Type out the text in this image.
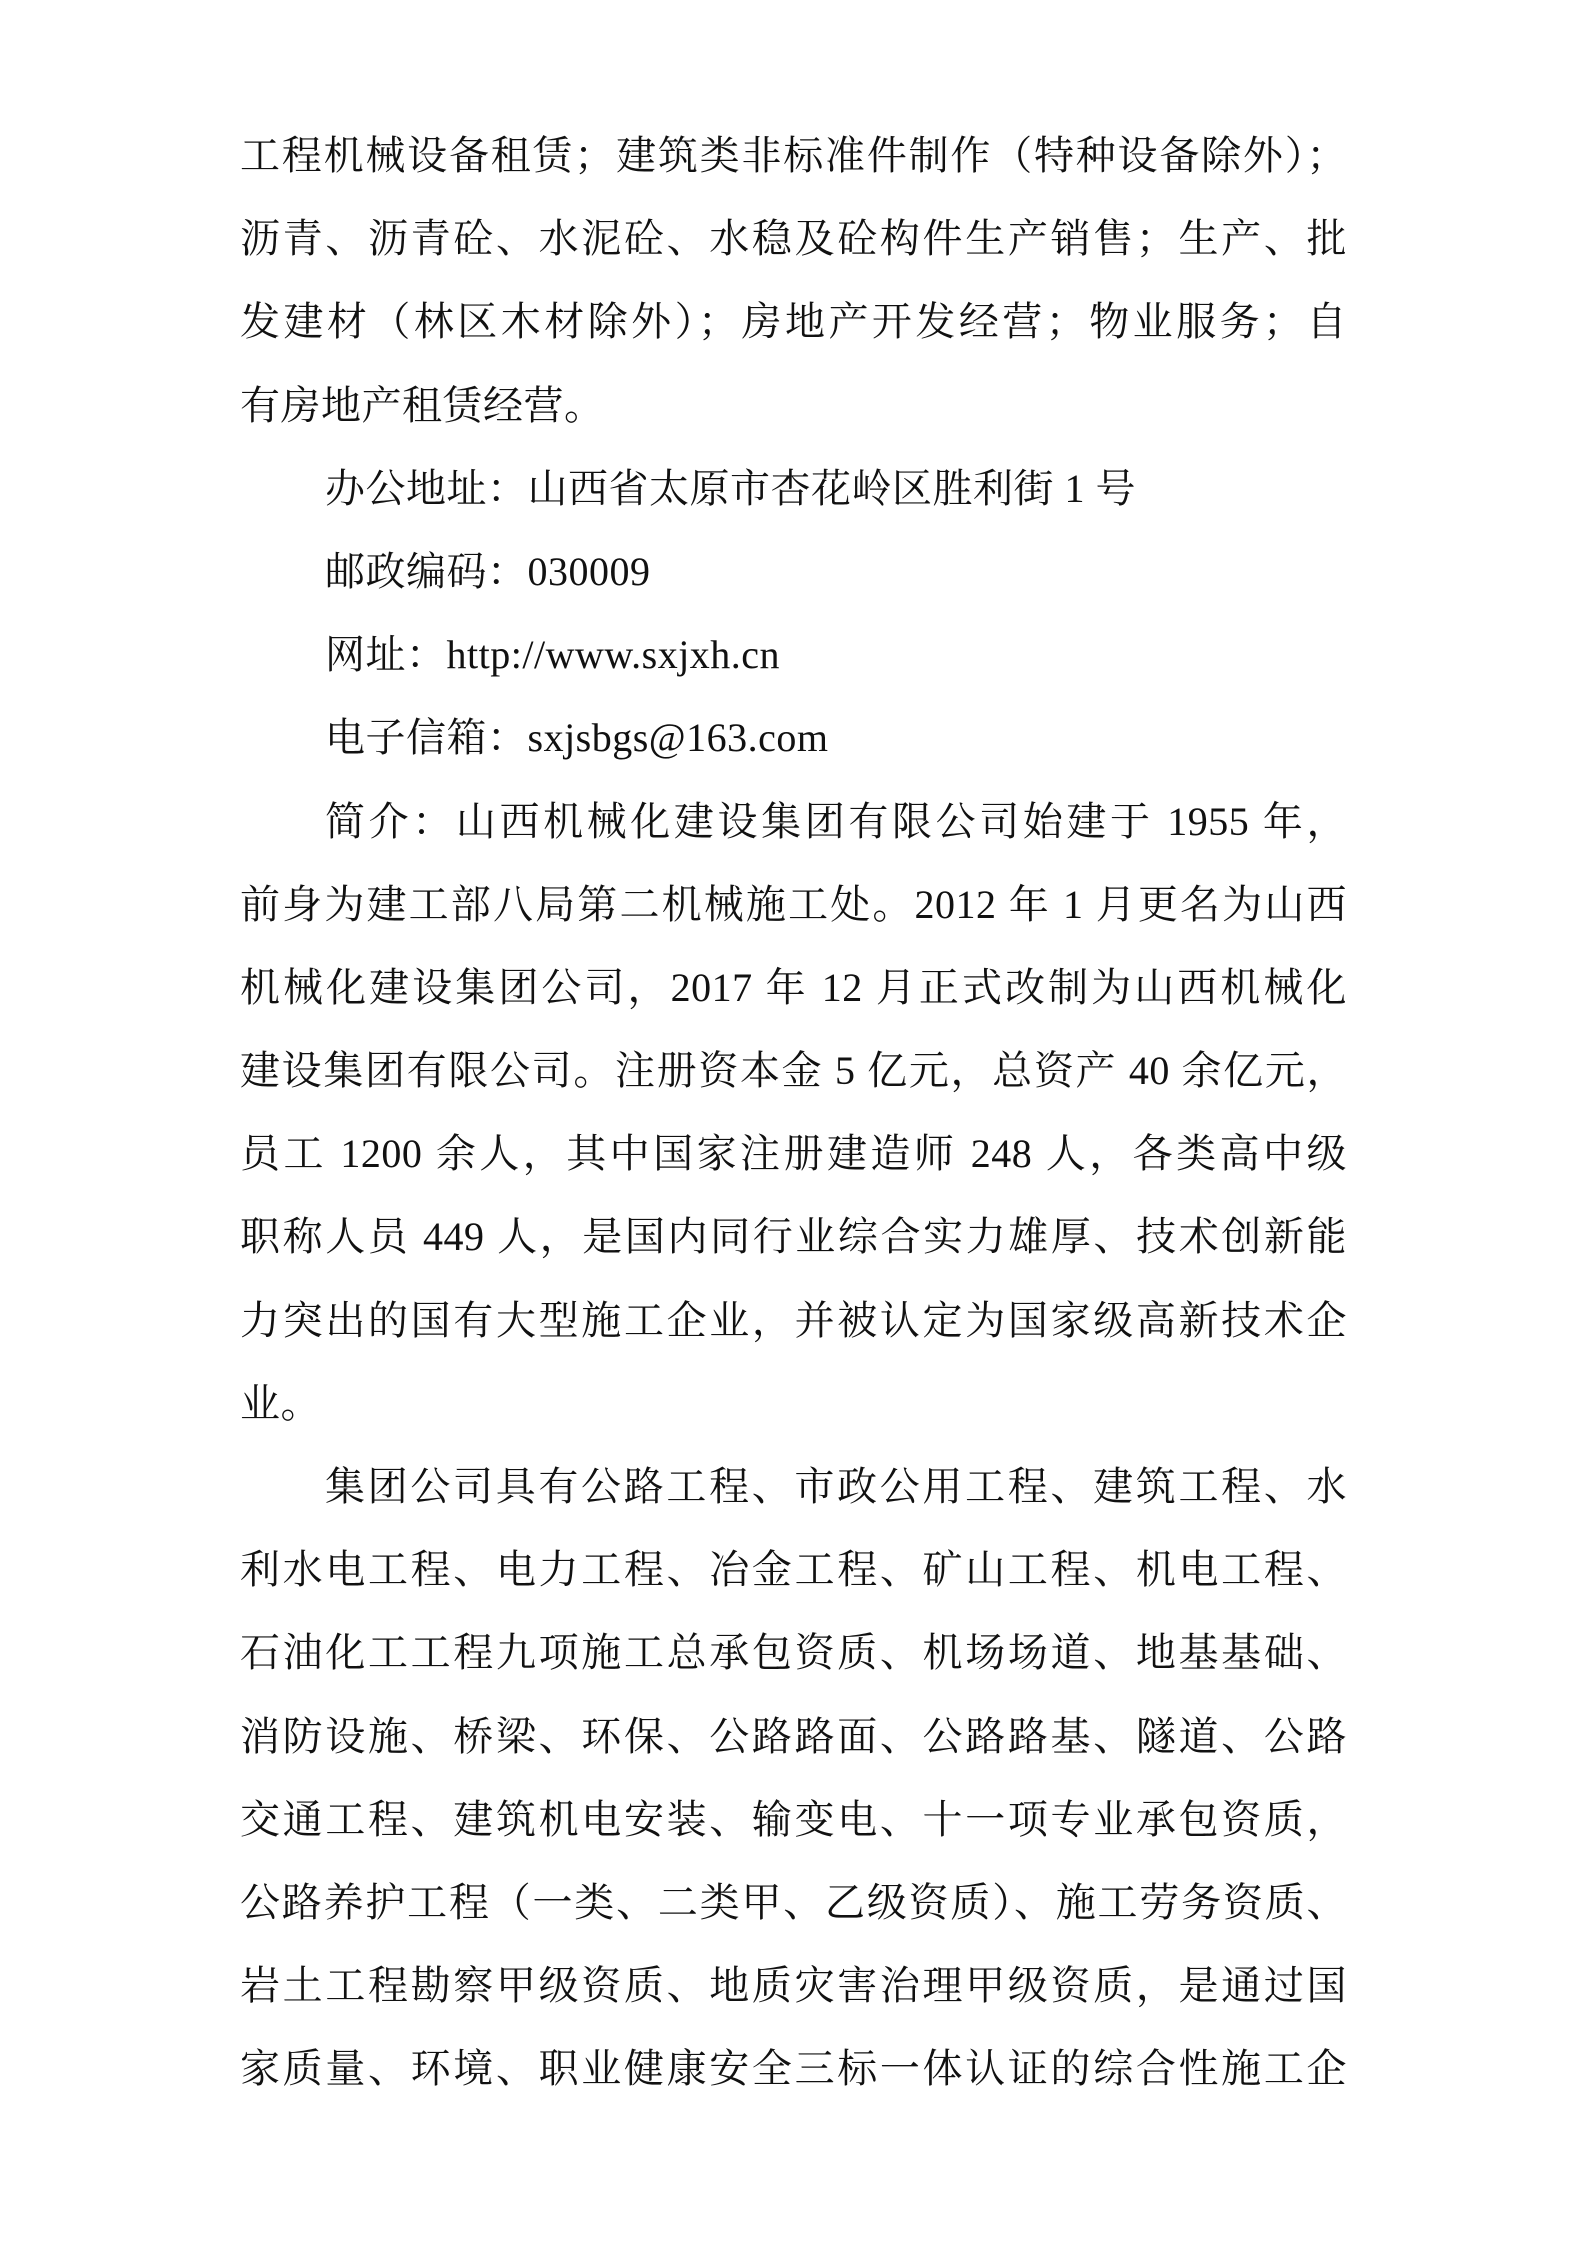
工程机械设备租赁；建筑类非标准件制作（特种设备除外）；
沥青、沥青砼、水泥砼、水稳及砼构件生产销售；生产、批
发建材（林区木材除外）；房地产开发经营；物业服务；自
有房地产租赁经营。
办公地址：山西省太原市杏花岭区胜利街 1 号
邮政编码：030009
网址：http://www.sxjxh.cn
电子信箱：sxjsbgs@163.com
简介：山西机械化建设集团有限公司始建于 1955 年，
前身为建工部八局第二机械施工处。2012 年 1 月更名为山西
机械化建设集团公司，2017 年 12 月正式改制为山西机械化
建设集团有限公司。注册资本金 5 亿元，总资产 40 余亿元，
员工 1200 余人，其中国家注册建造师 248 人，各类高中级
职称人员 449 人，是国内同行业综合实力雄厚、技术创新能
力突出的国有大型施工企业，并被认定为国家级高新技术企
业。
集团公司具有公路工程、市政公用工程、建筑工程、水
利水电工程、电力工程、冶金工程、矿山工程、机电工程、
石油化工工程九项施工总承包资质、机场场道、地基基础、
消防设施、桥梁、环保、公路路面、公路路基、隧道、公路
交通工程、建筑机电安装、输变电、十一项专业承包资质，
公路养护工程（一类、二类甲、乙级资质）、施工劳务资质、
岩土工程勘察甲级资质、地质灾害治理甲级资质，是通过国
家质量、环境、职业健康安全三标一体认证的综合性施工企
